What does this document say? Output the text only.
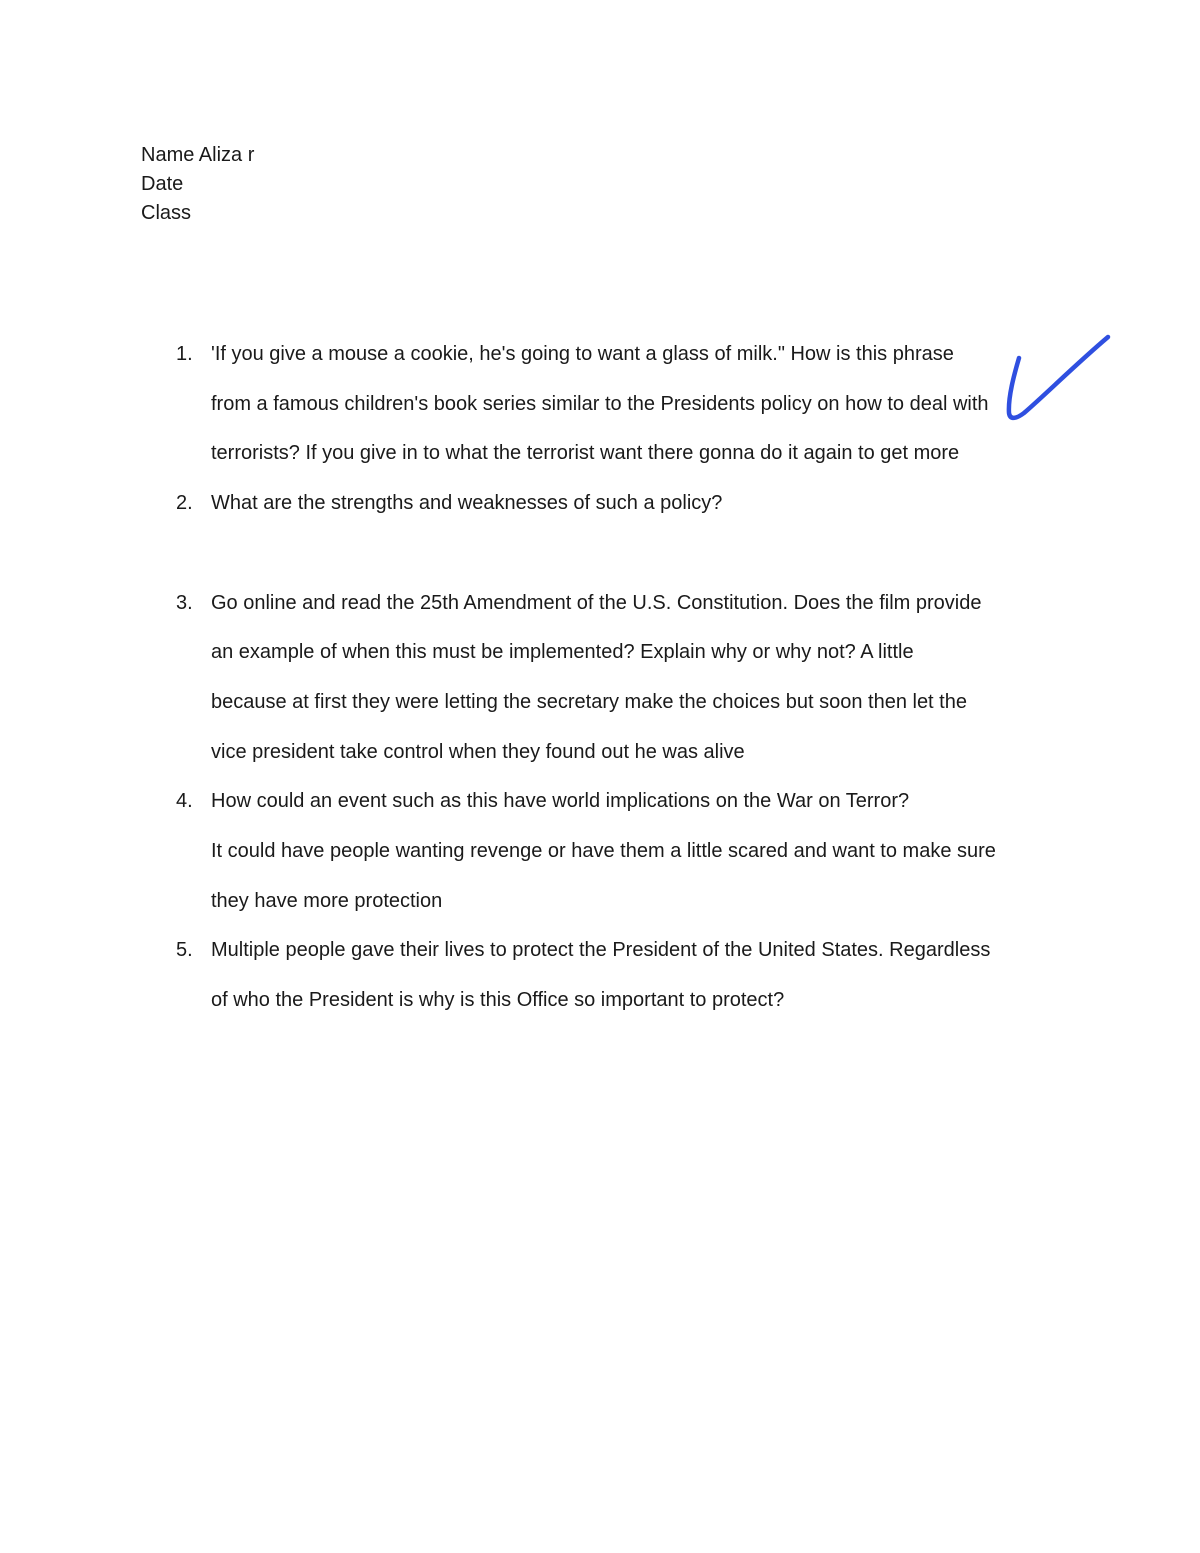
Name Aliza r
Date
Class
1. 'If you give a mouse a cookie, he's going to want a glass of milk." How is this phrase
from a famous children's book series similar to the Presidents policy on how to deal with
terrorists? If you give in to what the terrorist want there gonna do it again to get more
2. What are the strengths and weaknesses of such a policy?
3. Go online and read the 25th Amendment of the U.S. Constitution. Does the film provide
an example of when this must be implemented? Explain why or why not? A little
because at first they were letting the secretary make the choices but soon then let the
vice president take control when they found out he was alive
4. How could an event such as this have world implications on the War on Terror?
It could have people wanting revenge or have them a little scared and want to make sure
they have more protection
5. Multiple people gave their lives to protect the President of the United States. Regardless
of who the President is why is this Office so important to protect?
